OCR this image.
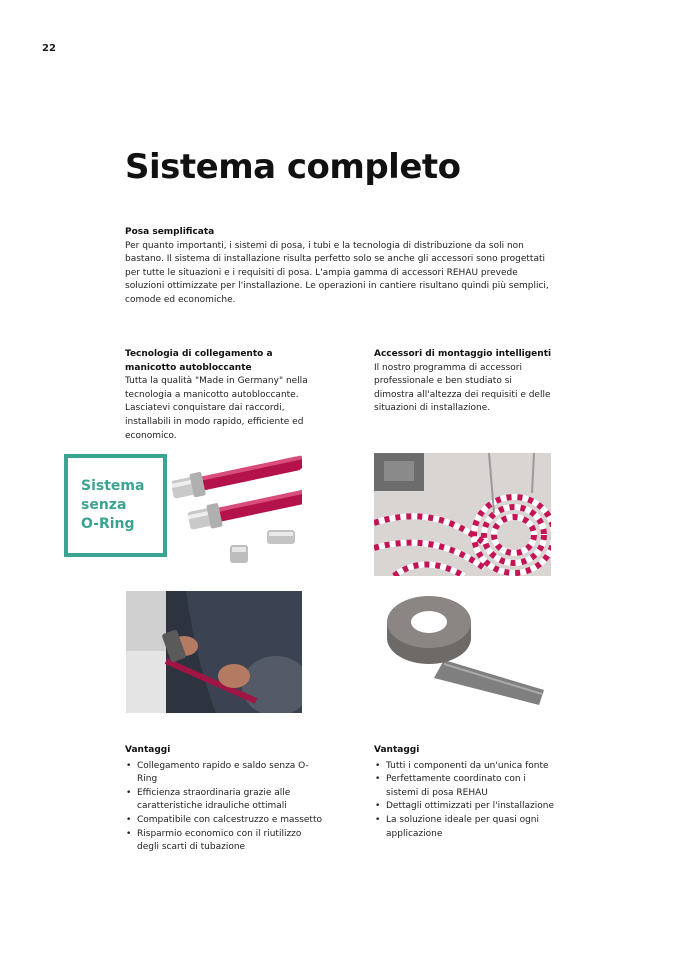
22
Sistema completo
Posa semplificata
Per quanto importanti, i sistemi di posa, i tubi e la tecnologia di distribuzione da soli non bastano. Il sistema di installazione risulta perfetto solo se anche gli accessori sono progettati per tutte le situazioni e i requisiti di posa. L'ampia gamma di accessori REHAU prevede soluzioni ottimizzate per l'installazione. Le operazioni in cantiere risultano quindi più semplici, comode ed economiche.
Tecnologia di collegamento a manicotto autobloccante
Tutta la qualità "Made in Germany" nella tecnologia a manicotto autobloccante. Lasciatevi conquistare dai raccordi, installabili in modo rapido, efficiente ed economico.
Accessori di montaggio intelligenti
Il nostro programma di accessori professionale e ben studiato si dimostra all'altezza dei requisiti e delle situazioni di installazione.
Sistema
senza
O-Ring
Vantaggi
• Collegamento rapido e saldo senza O-Ring
• Efficienza straordinaria grazie alle caratteristiche idrauliche ottimali
• Compatibile con calcestruzzo e massetto
• Risparmio economico con il riutilizzo degli scarti di tubazione
Vantaggi
• Tutti i componenti da un'unica fonte
• Perfettamente coordinato con i sistemi di posa REHAU
• Dettagli ottimizzati per l'installazione
• La soluzione ideale per quasi ogni applicazione
